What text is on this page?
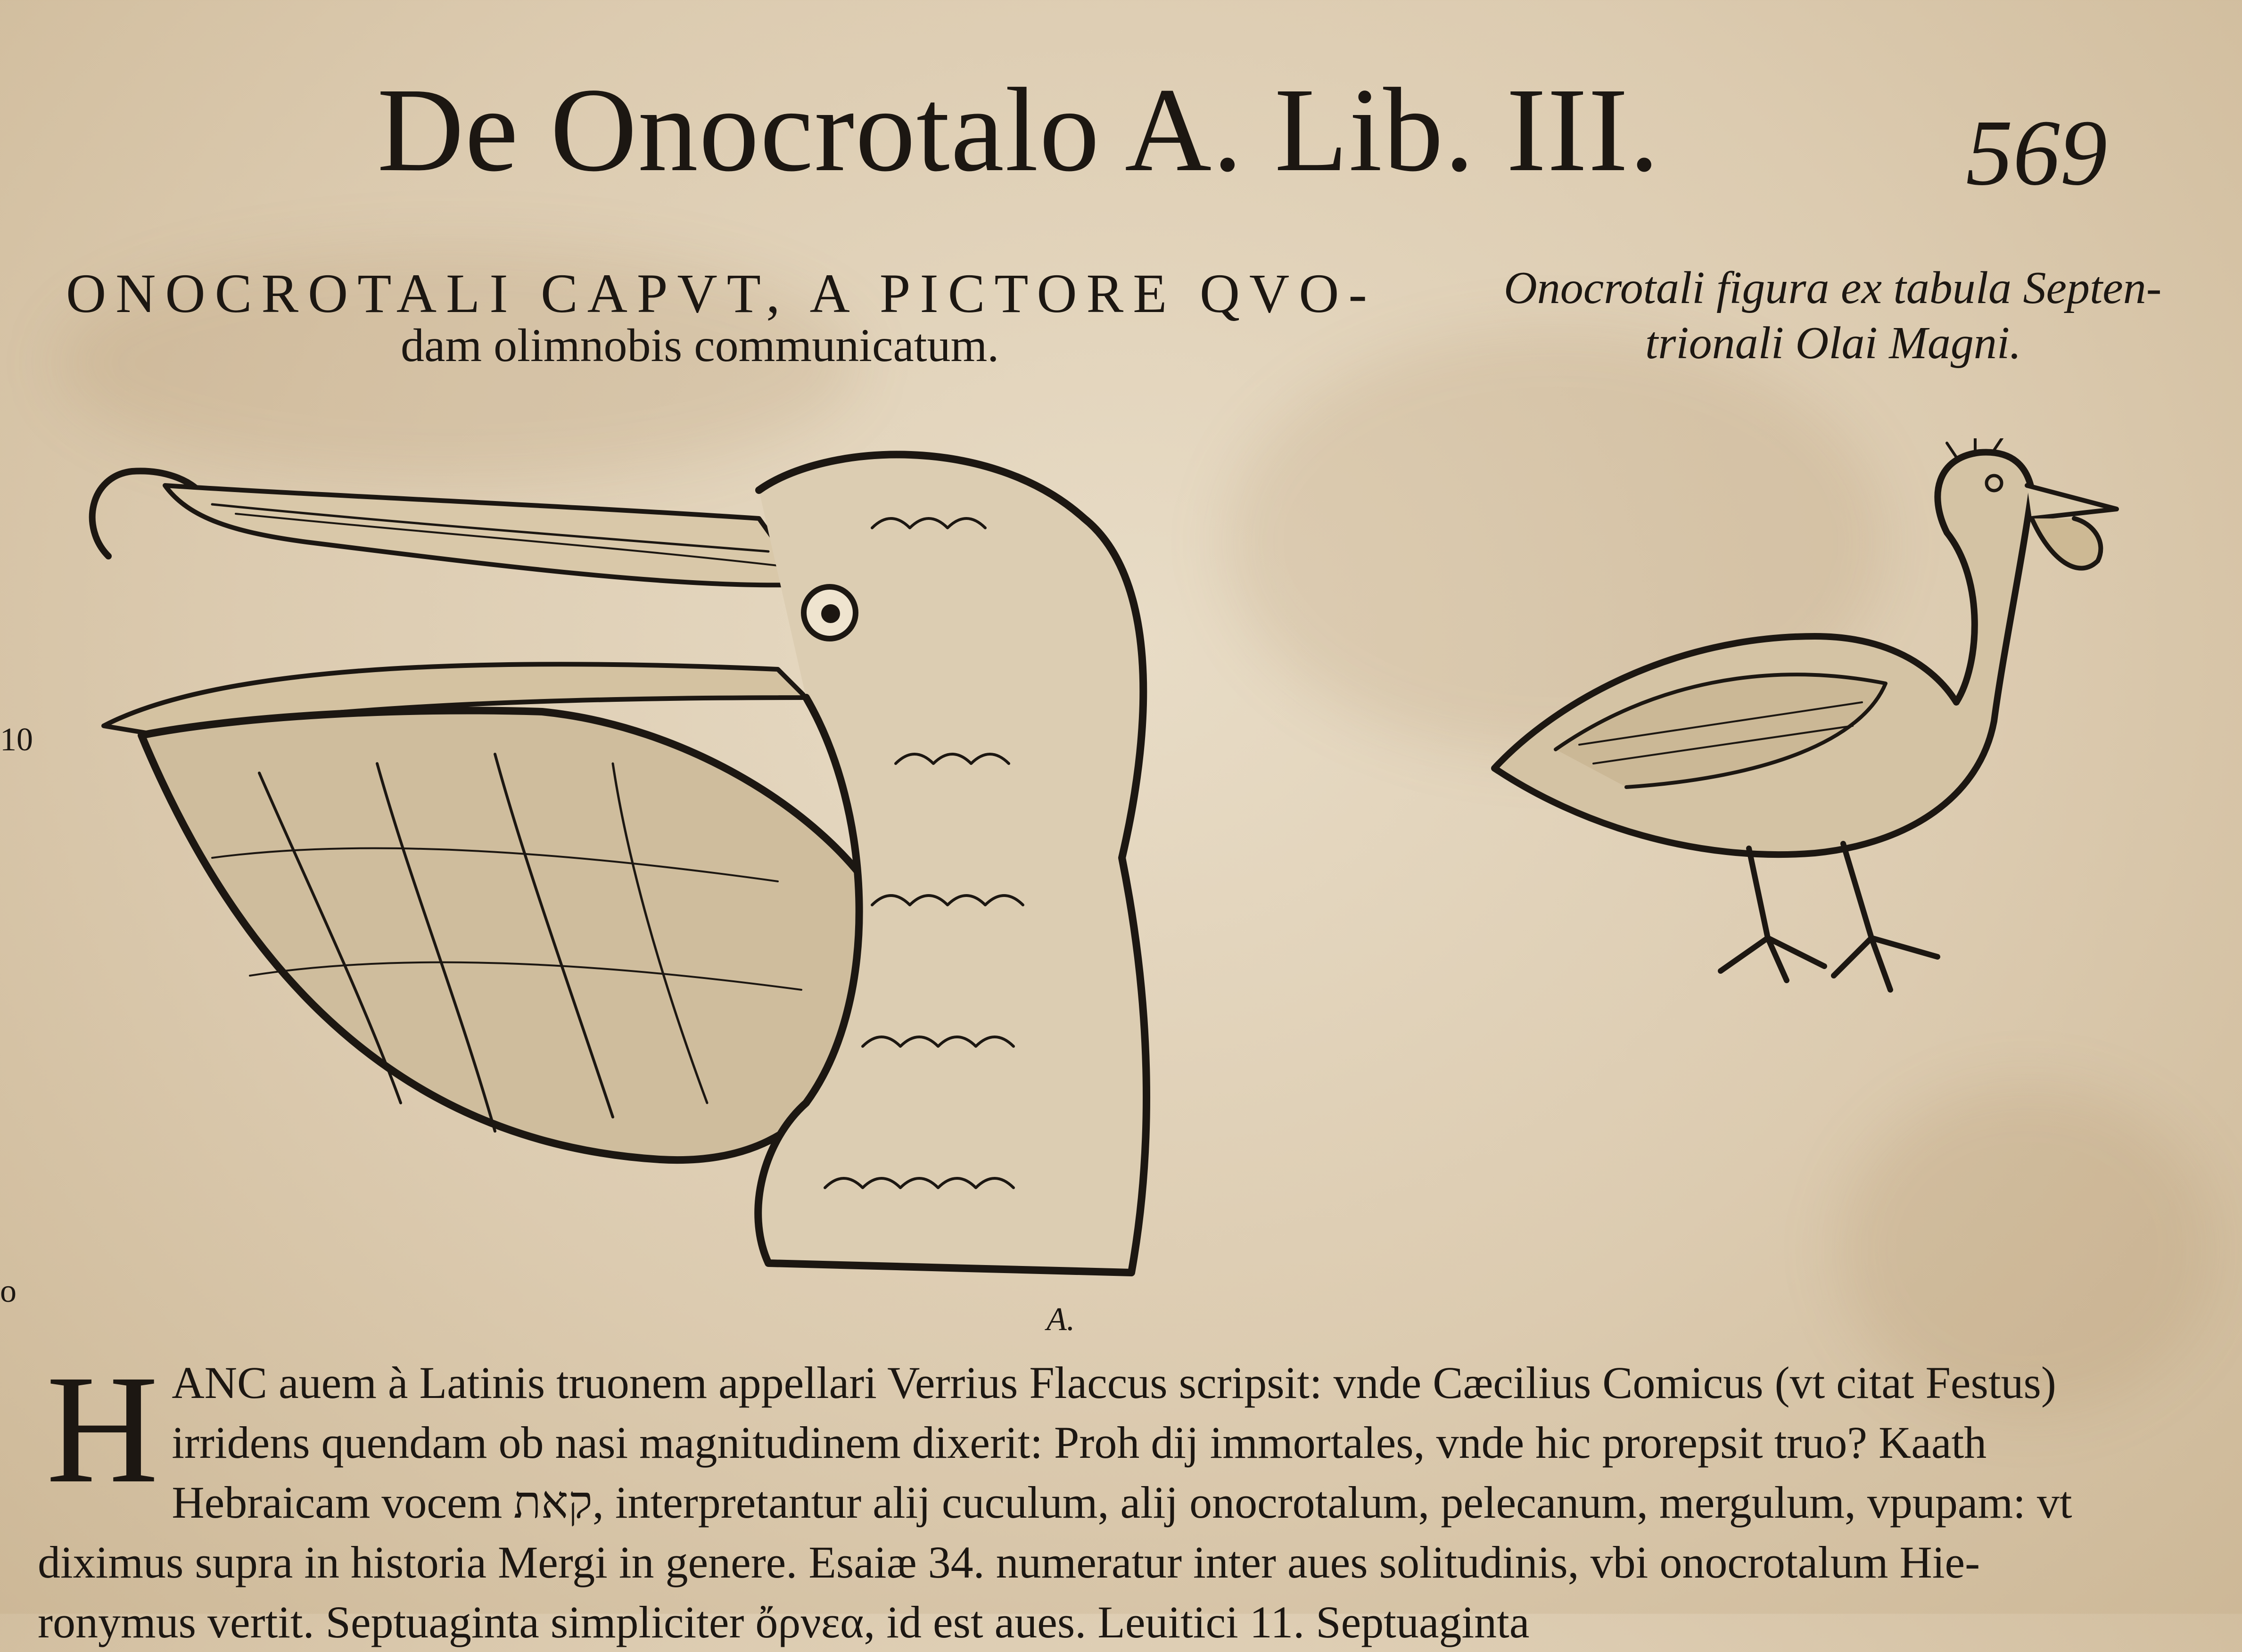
De Onocrotalo A. Lib. III.	569
ONOCROTALI CAPVT, A PICTORE QVO-
dam olimnobis communicatum.
Onocrotali figura ex tabula Septen-
trionali Olai Magni.
10
o
A.
H ANC auem à Latinis truonem appellari Verrius Flaccus scripsit: vnde Cæcilius Comicus (vt citat Festus)
irridens quendam ob nasi magnitudinem dixerit: Proh dij immortales, vnde hic prorepsit truo? Kaath
Hebraicam vocem קאת, interpretantur alij cuculum, alij onocrotalum, pelecanum, mergulum, vpupam: vt
diximus supra in historia Mergi in genere. Esaiæ 34. numeratur inter aues solitudinis, vbi onocrotalum Hie-
ronymus vertit. Septuaginta simpliciter ὄρνεα, id est aues. Leuitici 11. Septuaginta
